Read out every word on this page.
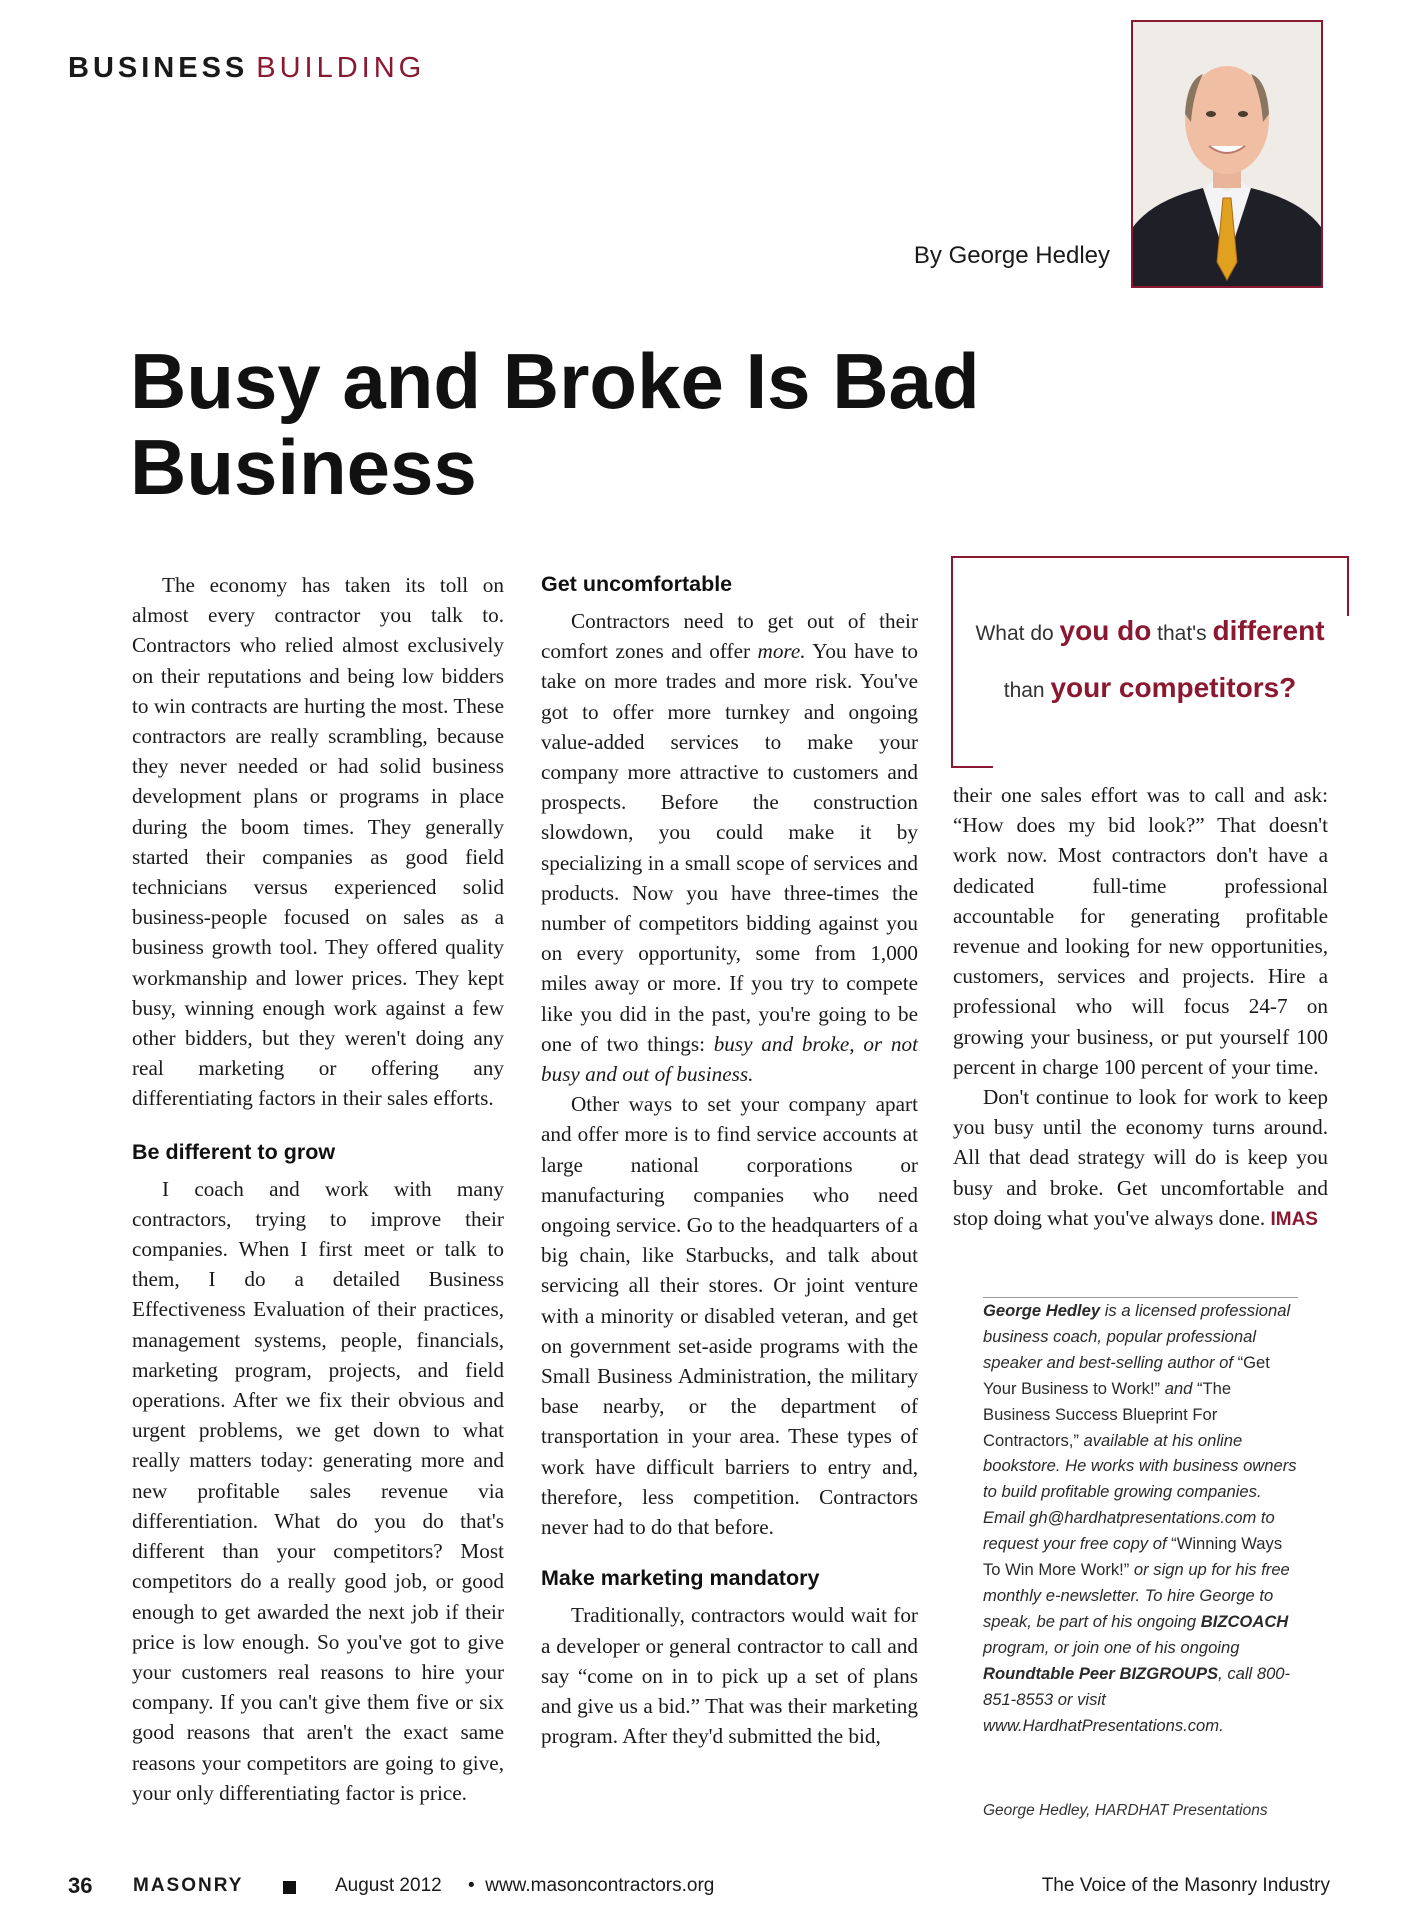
BUSINESS BUILDING
By George Hedley
Busy and Broke Is Bad Business

The economy has taken its toll on almost every contractor you talk to. Contractors who relied almost exclusively on their reputations and being low bidders to win contracts are hurting the most. These contractors are really scrambling, because they never needed or had solid business development plans or programs in place during the boom times. They generally started their companies as good field technicians versus experienced solid business-people focused on sales as a business growth tool. They offered quality workmanship and lower prices. They kept busy, winning enough work against a few other bidders, but they weren't doing any real marketing or offering any differentiating factors in their sales efforts.

Be different to grow

I coach and work with many contractors, trying to improve their companies. When I first meet or talk to them, I do a detailed Business Effectiveness Evaluation of their practices, management systems, people, financials, marketing program, projects, and field operations. After we fix their obvious and urgent problems, we get down to what really matters today: generating more and new profitable sales revenue via differentiation. What do you do that's different than your competitors? Most competitors do a really good job, or good enough to get awarded the next job if their price is low enough. So you've got to give your customers real reasons to hire your company. If you can't give them five or six good reasons that aren't the exact same reasons your competitors are going to give, your only differentiating factor is price.

Get uncomfortable

Contractors need to get out of their comfort zones and offer more. You have to take on more trades and more risk. You've got to offer more turnkey and ongoing value-added services to make your company more attractive to customers and prospects. Before the construction slowdown, you could make it by specializing in a small scope of services and products. Now you have three-times the number of competitors bidding against you on every opportunity, some from 1,000 miles away or more. If you try to compete like you did in the past, you're going to be one of two things: busy and broke, or not busy and out of business.

Other ways to set your company apart and offer more is to find service accounts at large national corporations or manufacturing companies who need ongoing service. Go to the headquarters of a big chain, like Starbucks, and talk about servicing all their stores. Or joint venture with a minority or disabled veteran, and get on government set-aside programs with the Small Business Administration, the military base nearby, or the department of transportation in your area. These types of work have difficult barriers to entry and, therefore, less competition. Contractors never had to do that before.

Make marketing mandatory

Traditionally, contractors would wait for a developer or general contractor to call and say “come on in to pick up a set of plans and give us a bid.” That was their marketing program. After they'd submitted the bid,

What do you do that's different
than your competitors?

their one sales effort was to call and ask: “How does my bid look?” That doesn't work now. Most contractors don't have a dedicated full-time professional accountable for generating profitable revenue and looking for new opportunities, customers, services and projects. Hire a professional who will focus 24-7 on growing your business, or put yourself 100 percent in charge 100 percent of your time.

Don't continue to look for work to keep you busy until the economy turns around. All that dead strategy will do is keep you busy and broke. Get uncomfortable and stop doing what you've always done. IMAS

George Hedley is a licensed professional business coach, popular professional speaker and best-selling author of “Get Your Business to Work!” and “The Business Success Blueprint For Contractors,” available at his online bookstore. He works with business owners to build profitable growing companies. Email gh@hardhatpresentations.com to request your free copy of “Winning Ways To Win More Work!” or sign up for his free monthly e-newsletter. To hire George to speak, be part of his ongoing BIZCOACH program, or join one of his ongoing Roundtable Peer BIZGROUPS, call 800-851-8553 or visit www.HardhatPresentations.com.
George Hedley, HARDHAT Presentations
36 MASONRY	August 2012 • www.masoncontractors.org	The Voice of the Masonry Industry
